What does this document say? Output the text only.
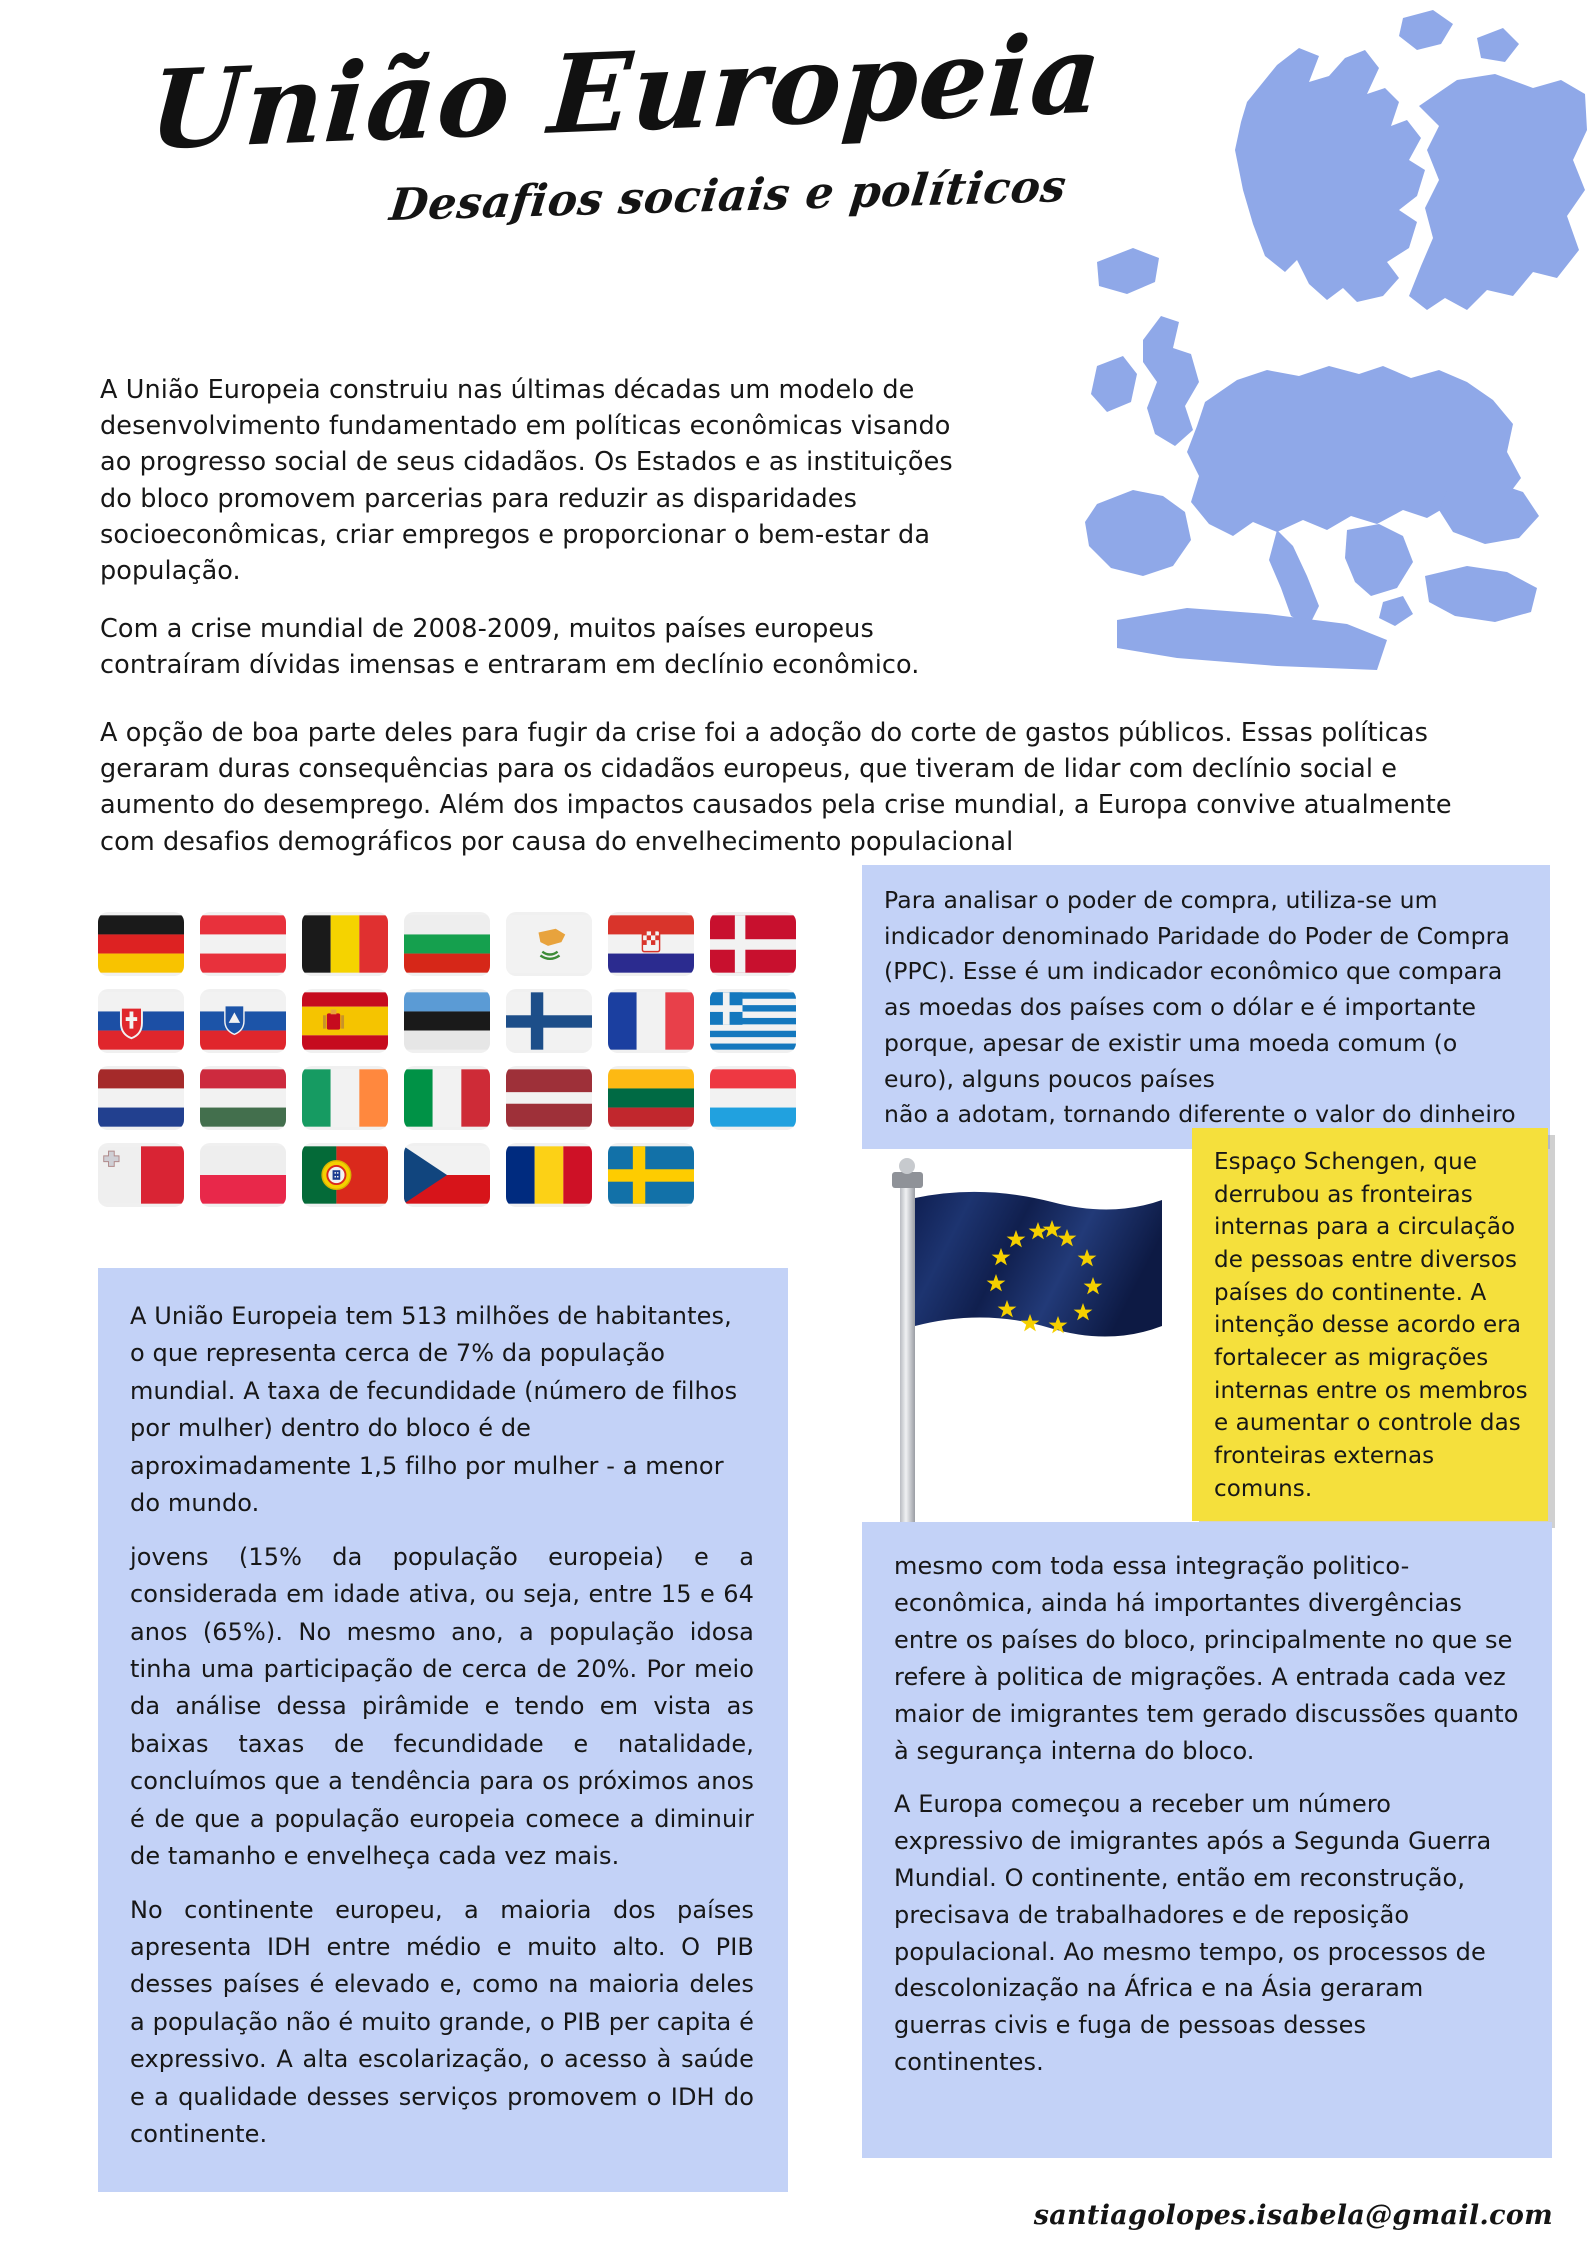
União Europeia
Desafios sociais e políticos

A União Europeia construiu nas últimas décadas um modelo de desenvolvimento fundamentado em políticas econômicas visando ao progresso social de seus cidadãos. Os Estados e as instituições do bloco promovem parcerias para reduzir as disparidades socioeconômicas, criar empregos e proporcionar o bem-estar da população.

Com a crise mundial de 2008-2009, muitos países europeus contraíram dívidas imensas e entraram em declínio econômico.

A opção de boa parte deles para fugir da crise foi a adoção do corte de gastos públicos. Essas políticas geraram duras consequências para os cidadãos europeus, que tiveram de lidar com declínio social e aumento do desemprego. Além dos impactos causados pela crise mundial, a Europa convive atualmente com desafios demográficos por causa do envelhecimento populacional

Para analisar o poder de compra, utiliza-se um indicador denominado Paridade do Poder de Compra (PPC). Esse é um indicador econômico que compara as moedas dos países com o dólar e é importante porque, apesar de existir uma moeda comum (o euro), alguns poucos países

não a adotam, tornando diferente o valor do dinheiro

Espaço Schengen, que derrubou as fronteiras internas para a circulação de pessoas entre diversos países do continente. A intenção desse acordo era fortalecer as migrações internas entre os membros e aumentar o controle das fronteiras externas comuns.

A União Europeia tem 513 milhões de habitantes, o que representa cerca de 7% da população mundial. A taxa de fecundidade (número de filhos por mulher) dentro do bloco é de aproximadamente 1,5 filho por mulher - a menor do mundo.

jovens (15% da população europeia) e a considerada em idade ativa, ou seja, entre 15 e 64 anos (65%). No mesmo ano, a população idosa tinha uma participação de cerca de 20%. Por meio da análise dessa pirâmide e tendo em vista as baixas taxas de fecundidade e natalidade, concluímos que a tendência para os próximos anos é de que a população europeia comece a diminuir de tamanho e envelheça cada vez mais.

No continente europeu, a maioria dos países apresenta IDH entre médio e muito alto. O PIB desses países é elevado e, como na maioria deles a população não é muito grande, o PIB per capita é expressivo. A alta escolarização, o acesso à saúde e a qualidade desses serviços promovem o IDH do continente.

mesmo com toda essa integração politico-econômica, ainda há importantes divergências entre os países do bloco, principalmente no que se refere à politica de migrações. A entrada cada vez maior de imigrantes tem gerado discussões quanto à segurança interna do bloco.

A Europa começou a receber um número expressivo de imigrantes após a Segunda Guerra Mundial. O continente, então em reconstrução, precisava de trabalhadores e de reposição populacional. Ao mesmo tempo, os processos de descolonização na África e na Ásia geraram guerras civis e fuga de pessoas desses continentes.

santiagolopes.isabela@gmail.com
